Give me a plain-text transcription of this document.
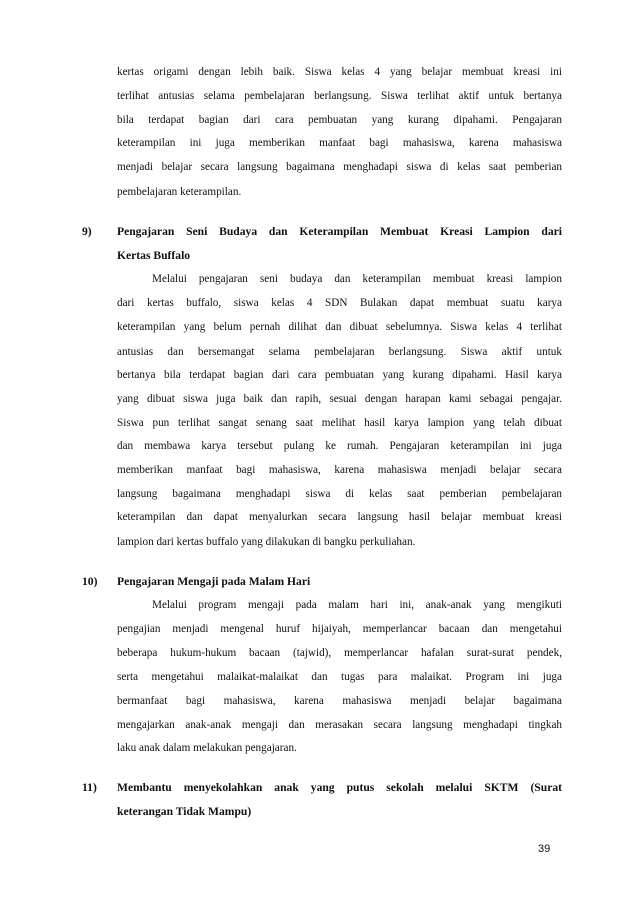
kertas origami dengan lebih baik. Siswa kelas 4 yang belajar membuat kreasi ini
terlihat antusias selama pembelajaran berlangsung. Siswa terlihat aktif untuk bertanya
bila terdapat bagian dari cara pembuatan yang kurang dipahami. Pengajaran
keterampilan ini juga memberikan manfaat bagi mahasiswa, karena mahasiswa
menjadi belajar secara langsung bagaimana menghadapi siswa di kelas saat pemberian
pembelajaran keterampilan.
9) Pengajaran Seni Budaya dan Keterampilan Membuat Kreasi Lampion dari
Kertas Buffalo
Melalui pengajaran seni budaya dan keterampilan membuat kreasi lampion
dari kertas buffalo, siswa kelas 4 SDN Bulakan dapat membuat suatu karya
keterampilan yang belum pernah dilihat dan dibuat sebelumnya. Siswa kelas 4 terlihat
antusias dan bersemangat selama pembelajaran berlangsung. Siswa aktif untuk
bertanya bila terdapat bagian dari cara pembuatan yang kurang dipahami. Hasil karya
yang dibuat siswa juga baik dan rapih, sesuai dengan harapan kami sebagai pengajar.
Siswa pun terlihat sangat senang saat melihat hasil karya lampion yang telah dibuat
dan membawa karya tersebut pulang ke rumah. Pengajaran keterampilan ini juga
memberikan manfaat bagi mahasiswa, karena mahasiswa menjadi belajar secara
langsung bagaimana menghadapi siswa di kelas saat pemberian pembelajaran
keterampilan dan dapat menyalurkan secara langsung hasil belajar membuat kreasi
lampion dari kertas buffalo yang dilakukan di bangku perkuliahan.
10) Pengajaran Mengaji pada Malam Hari
Melalui program mengaji pada malam hari ini, anak-anak yang mengikuti
pengajian menjadi mengenal huruf hijaiyah, memperlancar bacaan dan mengetahui
beberapa hukum-hukum bacaan (tajwid), memperlancar hafalan surat-surat pendek,
serta mengetahui malaikat-malaikat dan tugas para malaikat. Program ini juga
bermanfaat bagi mahasiswa, karena mahasiswa menjadi belajar bagaimana
mengajarkan anak-anak mengaji dan merasakan secara langsung menghadapi tingkah
laku anak dalam melakukan pengajaran.
11) Membantu menyekolahkan anak yang putus sekolah melalui SKTM (Surat
keterangan Tidak Mampu)
39
